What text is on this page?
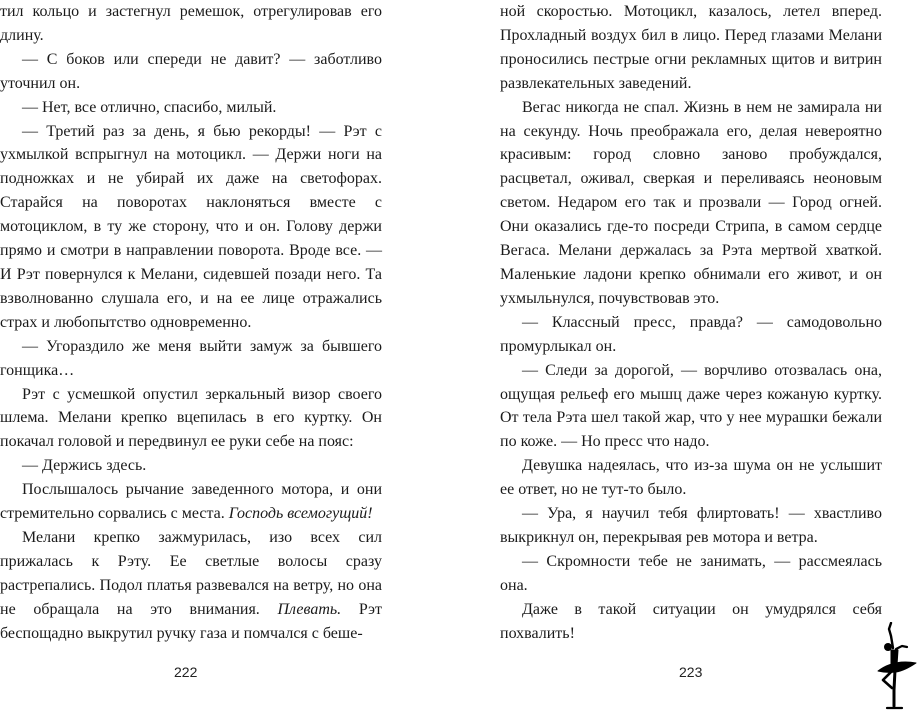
тил кольцо и застегнул ремешок, отрегулировав его длину.

— С боков или спереди не давит? — заботливо уточнил он.

— Нет, все отлично, спасибо, милый.

— Третий раз за день, я бью рекорды! — Рэт с ухмылкой вспрыгнул на мотоцикл. — Держи ноги на подножках и не убирай их даже на светофорах. Старайся на поворотах наклоняться вместе с мотоциклом, в ту же сторону, что и он. Голову держи прямо и смотри в направлении поворота. Вроде все. — И Рэт повернулся к Мелани, сидевшей позади него. Та взволнованно слушала его, и на ее лице отражались страх и любопытство одновременно.

— Угораздило же меня выйти замуж за бывшего гонщика…

Рэт с усмешкой опустил зеркальный визор своего шлема. Мелани крепко вцепилась в его куртку. Он покачал головой и передвинул ее руки себе на пояс:

— Держись здесь.

Послышалось рычание заведенного мотора, и они стремительно сорвались с места. Господь всемогущий!

Мелани крепко зажмурилась, изо всех сил прижалась к Рэту. Ее светлые волосы сразу растрепались. Подол платья развевался на ветру, но она не обращала на это внимания. Плевать. Рэт беспощадно выкрутил ручку газа и помчался с беше-

ной скоростью. Мотоцикл, казалось, летел вперед. Прохладный воздух бил в лицо. Перед глазами Мелани проносились пестрые огни рекламных щитов и витрин развлекательных заведений.

Вегас никогда не спал. Жизнь в нем не замирала ни на секунду. Ночь преображала его, делая невероятно красивым: город словно заново пробуждался, расцветал, оживал, сверкая и переливаясь неоновым светом. Недаром его так и прозвали — Город огней. Они оказались где-то посреди Стрипа, в самом сердце Вегаса. Мелани держалась за Рэта мертвой хваткой. Маленькие ладони крепко обнимали его живот, и он ухмыльнулся, почувствовав это.

— Классный пресс, правда? — самодовольно промурлыкал он.

— Следи за дорогой, — ворчливо отозвалась она, ощущая рельеф его мышц даже через кожаную куртку. От тела Рэта шел такой жар, что у нее мурашки бежали по коже. — Но пресс что надо.

Девушка надеялась, что из-за шума он не услышит ее ответ, но не тут-то было.

— Ура, я научил тебя флиртовать! — хвастливо выкрикнул он, перекрывая рев мотора и ветра.

— Скромности тебе не занимать, — рассмеялась она.

Даже в такой ситуации он умудрялся себя похвалить!

222	223
